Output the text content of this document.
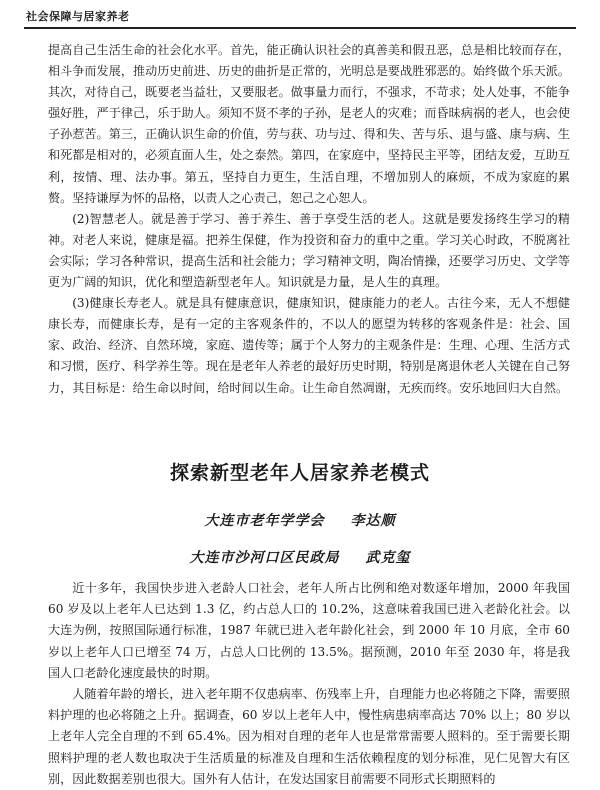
社会保障与居家养老

提高自己生活生命的社会化水平。首先，能正确认识社会的真善美和假丑恶，总是相比较而存在，相斗争而发展，推动历史前进、历史的曲折是正常的，光明总是要战胜邪恶的。始终做个乐天派。其次，对待自己，既要老当益壮，又要服老。做事量力而行，不强求，不苛求；处人处事，不能争强好胜，严于律己，乐于助人。须知不贤不孝的子孙，是老人的灾难；而昏昧病祸的老人，也会使子孙惹苦。第三，正确认识生命的价值，劳与获、功与过、得和失、苦与乐、退与盛、康与病、生和死都是相对的，必须直面人生，处之泰然。第四，在家庭中，坚持民主平等，团结友爱，互助互利，按情、理、法办事。第五，坚持自力更生，生活自理，不增加别人的麻烦，不成为家庭的累赘。坚持谦厚为怀的品格，以责人之心责己，恕己之心恕人。

(2)智慧老人。就是善于学习、善于养生、善于享受生活的老人。这就是要发扬终生学习的精神。对老人来说，健康是福。把养生保健，作为投资和奋力的重中之重。学习关心时政，不脱离社会实际；学习各种常识，提高生活和社会能力；学习精神文明，陶冶情操，还要学习历史、文学等更为广阔的知识，优化和塑造新型老年人。知识就是力量，是人生的真理。

(3)健康长寿老人。就是具有健康意识，健康知识，健康能力的老人。古往今来，无人不想健康长寿，而健康长寿，是有一定的主客观条件的，不以人的愿望为转移的客观条件是：社会、国家、政治、经济、自然环境，家庭、遗传等；属于个人努力的主观条件是：生理、心理、生活方式和习惯，医疗、科学养生等。现在是老年人养老的最好历史时期，特别是离退休老人关键在自己努力，其目标是：给生命以时间，给时间以生命。让生命自然凋谢，无疾而终。安乐地回归大自然。

探索新型老年人居家养老模式
大连市老年学学会 李达顺
大连市沙河口区民政局 武克玺

近十多年，我国快步进入老龄人口社会，老年人所占比例和绝对数逐年增加，2000 年我国 60 岁及以上老年人已达到 1.3 亿，约占总人口的 10.2%，这意味着我国已进入老龄化社会。以大连为例，按照国际通行标准，1987 年就已进入老年龄化社会，到 2000 年 10 月底，全市 60 岁以上老年人口已增至 74 万，占总人口比例的 13.5%。据预测，2010 年至 2030 年，将是我国人口老龄化速度最快的时期。

人随着年龄的增长，进入老年期不仅患病率、伤残率上升，自理能力也必将随之下降，需要照料护理的也必将随之上升。据调查，60 岁以上老年人中，慢性病患病率高达 70% 以上；80 岁以上老年人完全自理的不到 65.4%。因为相对自理的老年人也是常常需要人照料的。至于需要长期照料护理的老人数也取决于生活质量的标准及自理和生活依赖程度的划分标准，见仁见智大有区别，因此数据差别也很大。国外有人估计，在发达国家目前需要不同形式长期照料的
